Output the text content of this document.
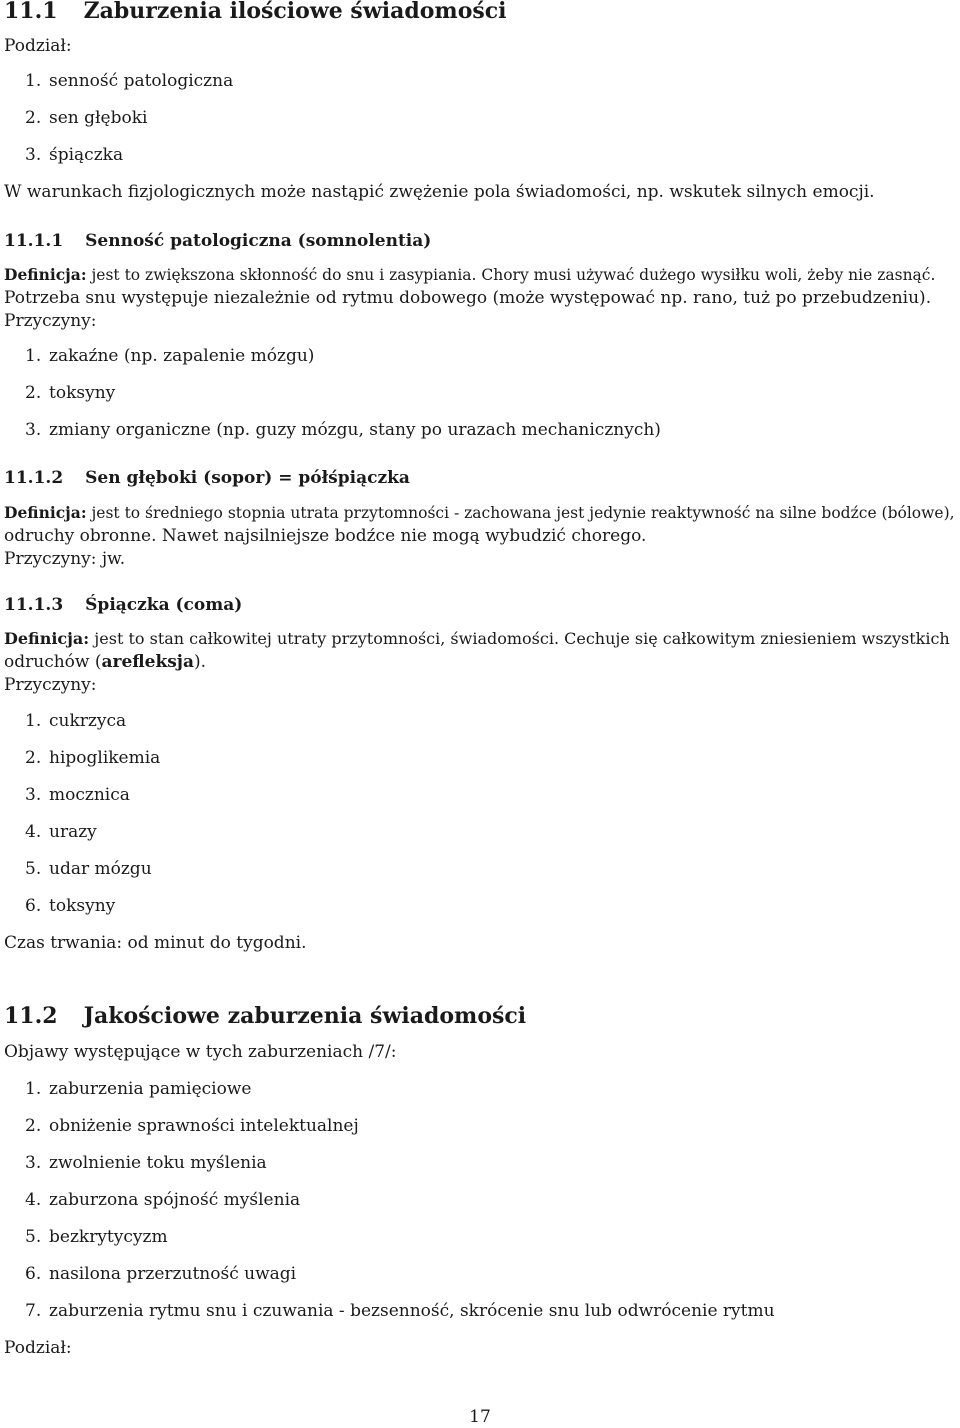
11.1 Zaburzenia ilościowe świadomości

Podział:

1. senność patologiczna

2. sen głęboki

3. śpiączka

W warunkach fizjologicznych może nastąpić zwężenie pola świadomości, np. wskutek silnych emocji.

11.1.1 Senność patologiczna (somnolentia)

Definicja: jest to zwiększona skłonność do snu i zasypiania. Chory musi używać dużego wysiłku woli, żeby nie zasnąć.

Potrzeba snu występuje niezależnie od rytmu dobowego (może występować np. rano, tuż po przebudzeniu).

Przyczyny:

1. zakaźne (np. zapalenie mózgu)

2. toksyny

3. zmiany organiczne (np. guzy mózgu, stany po urazach mechanicznych)

11.1.2 Sen głęboki (sopor) = półśpiączka

Definicja: jest to średniego stopnia utrata przytomności - zachowana jest jedynie reaktywność na silne bodźce (bólowe),

odruchy obronne. Nawet najsilniejsze bodźce nie mogą wybudzić chorego.

Przyczyny: jw.

11.1.3 Śpiączka (coma)

Definicja: jest to stan całkowitej utraty przytomności, świadomości. Cechuje się całkowitym zniesieniem wszystkich

odruchów (arefleksja).

Przyczyny:

1. cukrzyca

2. hipoglikemia

3. mocznica

4. urazy

5. udar mózgu

6. toksyny

Czas trwania: od minut do tygodni.

11.2 Jakościowe zaburzenia świadomości

Objawy występujące w tych zaburzeniach /7/:

1. zaburzenia pamięciowe

2. obniżenie sprawności intelektualnej

3. zwolnienie toku myślenia

4. zaburzona spójność myślenia

5. bezkrytycyzm

6. nasilona przerzutność uwagi

7. zaburzenia rytmu snu i czuwania - bezsenność, skrócenie snu lub odwrócenie rytmu

Podział:

17
